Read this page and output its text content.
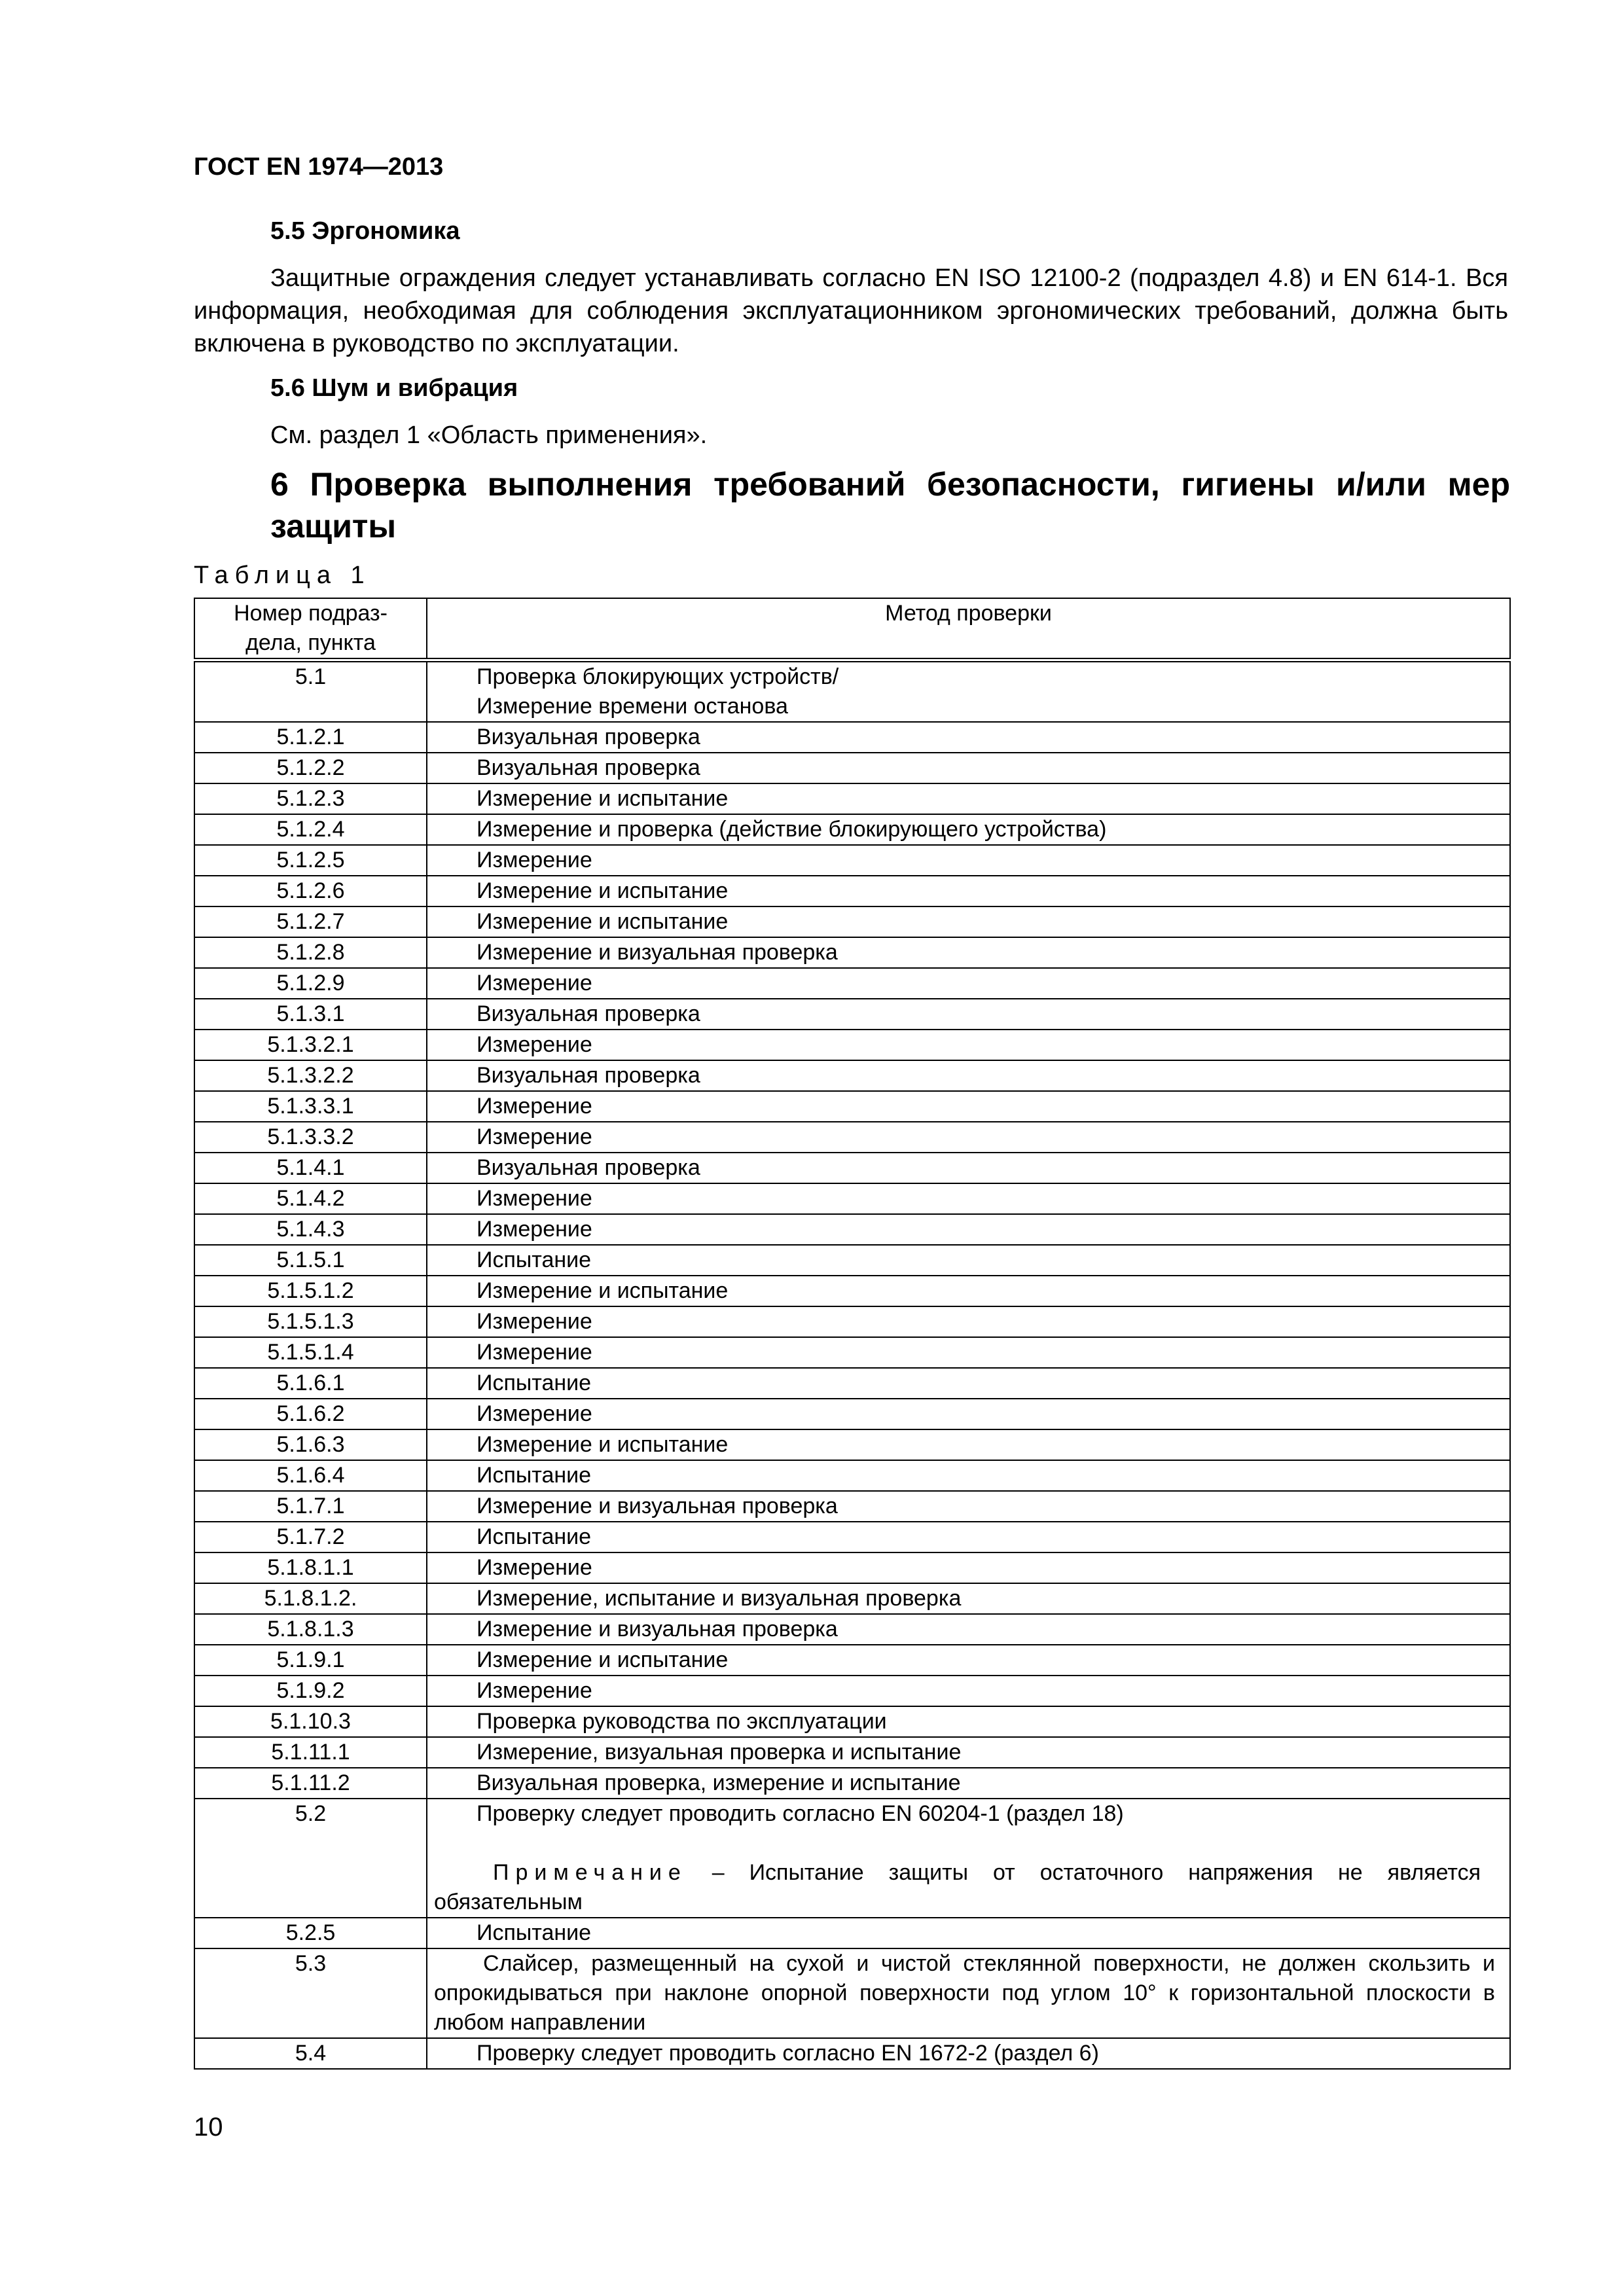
ГОСТ EN 1974—2013
5.5 Эргономика
Защитные ограждения следует устанавливать согласно EN ISO 12100-2 (подраздел 4.8) и EN 614-1. Вся информация, необходимая для соблюдения эксплуатационником эргономических требований, должна быть включена в руководство по эксплуатации.
5.6 Шум и вибрация
См. раздел 1 «Область применения».
6 Проверка выполнения требований безопасности, гигиены и/или мер защиты
Таблица 1
Номер подраз-
дела, пункта	Метод проверки
5.1	Проверка блокирующих устройств/
Измерение времени останова
5.1.2.1	Визуальная проверка
5.1.2.2	Визуальная проверка
5.1.2.3	Измерение и испытание
5.1.2.4	Измерение и проверка (действие блокирующего устройства)
5.1.2.5	Измерение
5.1.2.6	Измерение и испытание
5.1.2.7	Измерение и испытание
5.1.2.8	Измерение и визуальная проверка
5.1.2.9	Измерение
5.1.3.1	Визуальная проверка
5.1.3.2.1	Измерение
5.1.3.2.2	Визуальная проверка
5.1.3.3.1	Измерение
5.1.3.3.2	Измерение
5.1.4.1	Визуальная проверка
5.1.4.2	Измерение
5.1.4.3	Измерение
5.1.5.1	Испытание
5.1.5.1.2	Измерение и испытание
5.1.5.1.3	Измерение
5.1.5.1.4	Измерение
5.1.6.1	Испытание
5.1.6.2	Измерение
5.1.6.3	Измерение и испытание
5.1.6.4	Испытание
5.1.7.1	Измерение и визуальная проверка
5.1.7.2	Испытание
5.1.8.1.1	Измерение
5.1.8.1.2.	Измерение, испытание и визуальная проверка
5.1.8.1.3	Измерение и визуальная проверка
5.1.9.1	Измерение и испытание
5.1.9.2	Измерение
5.1.10.3	Проверка руководства по эксплуатации
5.1.11.1	Измерение, визуальная проверка и испытание
5.1.11.2	Визуальная проверка, измерение и испытание
5.2	Проверку следует проводить согласно EN 60204-1 (раздел 18)
Примечание – Испытание защиты от остаточного напряжения не является обязательным

5.2.5	Испытание
5.3	Слайсер, размещенный на сухой и чистой стеклянной поверхности, не должен скользить и опрокидываться при наклоне опорной поверхности под углом 10° к горизонтальной плоскости в любом направлении
5.4	Проверку следует проводить согласно EN 1672-2 (раздел 6)
10
